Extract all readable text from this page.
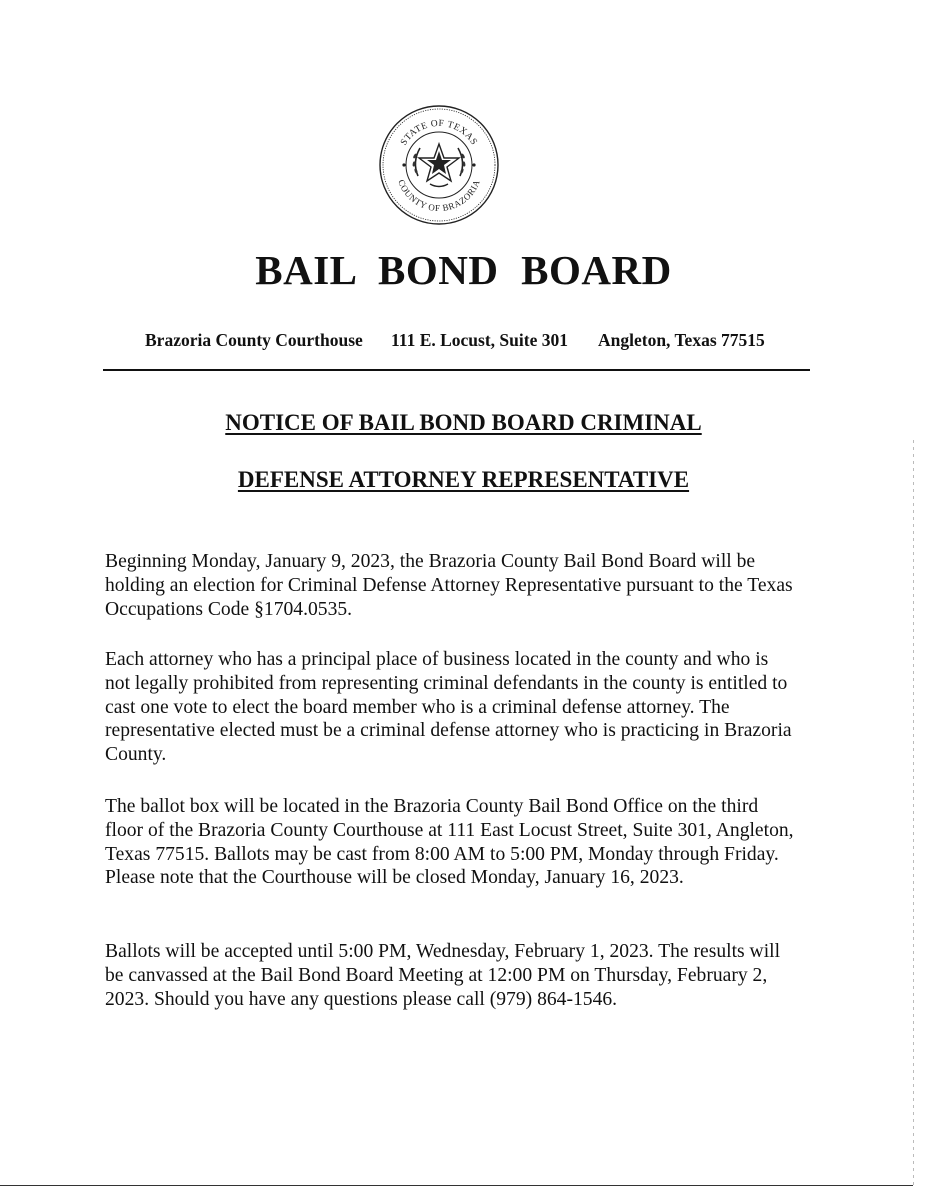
STATE OF TEXAS
COUNTY OF BRAZORIA
BAIL BOND BOARD
Brazoria County Courthouse 111 E. Locust, Suite 301 Angleton, Texas 77515
NOTICE OF BAIL BOND BOARD CRIMINAL
DEFENSE ATTORNEY REPRESENTATIVE

Beginning Monday, January 9, 2023, the Brazoria County Bail Bond Board will be holding an election for Criminal Defense Attorney Representative pursuant to the Texas Occupations Code §1704.0535.

Each attorney who has a principal place of business located in the county and who is not legally prohibited from representing criminal defendants in the county is entitled to cast one vote to elect the board member who is a criminal defense attorney. The representative elected must be a criminal defense attorney who is practicing in Brazoria County.

The ballot box will be located in the Brazoria County Bail Bond Office on the third floor of the Brazoria County Courthouse at 111 East Locust Street, Suite 301, Angleton, Texas 77515. Ballots may be cast from 8:00 AM to 5:00 PM, Monday through Friday. Please note that the Courthouse will be closed Monday, January 16, 2023.

Ballots will be accepted until 5:00 PM, Wednesday, February 1, 2023. The results will be canvassed at the Bail Bond Board Meeting at 12:00 PM on Thursday, February 2, 2023. Should you have any questions please call (979) 864-1546.
